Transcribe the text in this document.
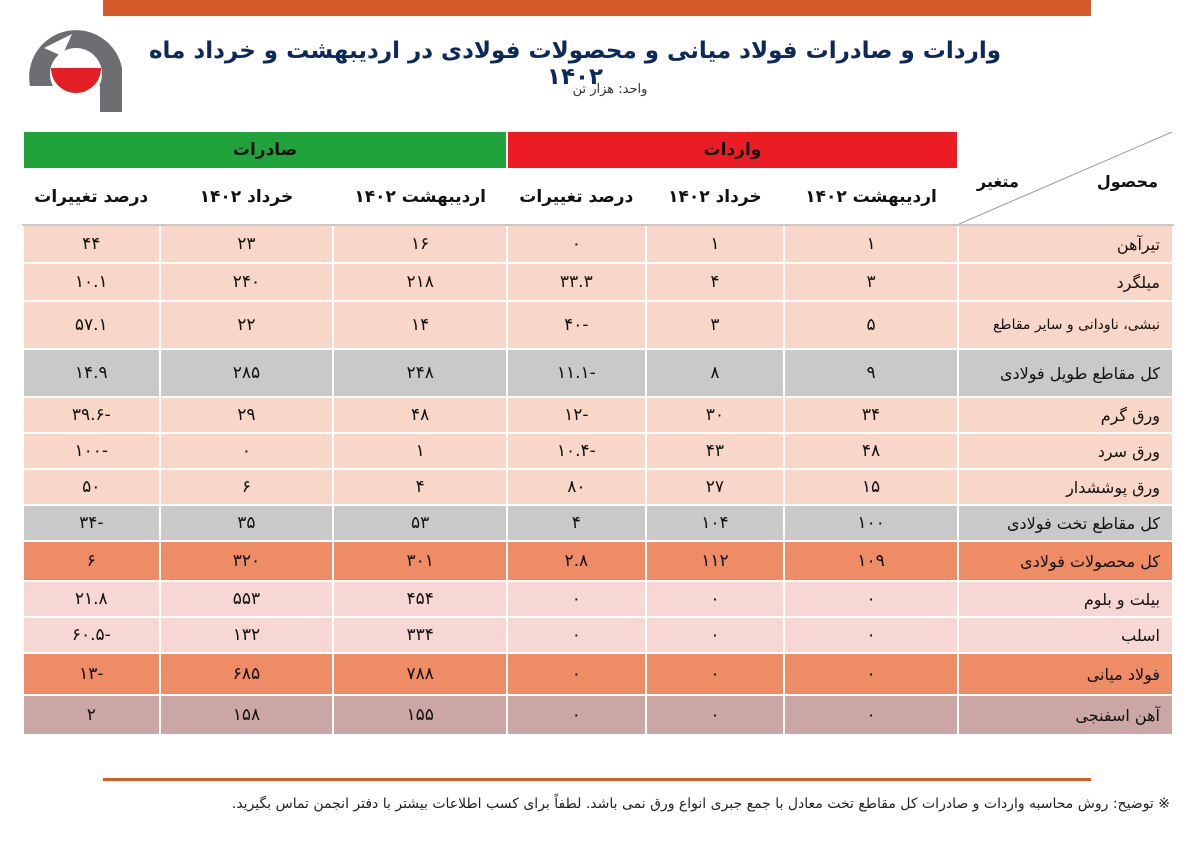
واردات و صادرات فولاد میانی و محصولات فولادی در اردیبهشت و خرداد ماه ۱۴۰۲
واحد: هزار تن
محصول
متغیر	واردات			صادرات		
	اردیبهشت ۱۴۰۲	خرداد ۱۴۰۲	درصد تغییرات	اردیبهشت ۱۴۰۲	خرداد ۱۴۰۲	درصد تغییرات
تیرآهن	۱	۱	۰	۱۶	۲۳	۴۴
میلگرد	۳	۴	۳۳.۳	۲۱۸	۲۴۰	۱۰.۱
نبشی، ناودانی و سایر مقاطع	۵	۳	-۴۰	۱۴	۲۲	۵۷.۱
کل مقاطع طویل فولادی	۹	۸	-۱۱.۱	۲۴۸	۲۸۵	۱۴.۹
ورق گرم	۳۴	۳۰	-۱۲	۴۸	۲۹	-۳۹.۶
ورق سرد	۴۸	۴۳	-۱۰.۴	۱	۰	-۱۰۰
ورق پوششدار	۱۵	۲۷	۸۰	۴	۶	۵۰
کل مقاطع تخت فولادی	۱۰۰	۱۰۴	۴	۵۳	۳۵	-۳۴
کل محصولات فولادی	۱۰۹	۱۱۲	۲.۸	۳۰۱	۳۲۰	۶
بیلت و بلوم	۰	۰	۰	۴۵۴	۵۵۳	۲۱.۸
اسلب	۰	۰	۰	۳۳۴	۱۳۲	-۶۰.۵
فولاد میانی	۰	۰	۰	۷۸۸	۶۸۵	-۱۳
آهن اسفنجی	۰	۰	۰	۱۵۵	۱۵۸	۲
※ توضیح: روش محاسبه واردات و صادرات کل مقاطع تخت معادل با جمع جبری انواع ورق نمی باشد. لطفاً برای کسب اطلاعات بیشتر با دفتر انجمن تماس بگیرید.
